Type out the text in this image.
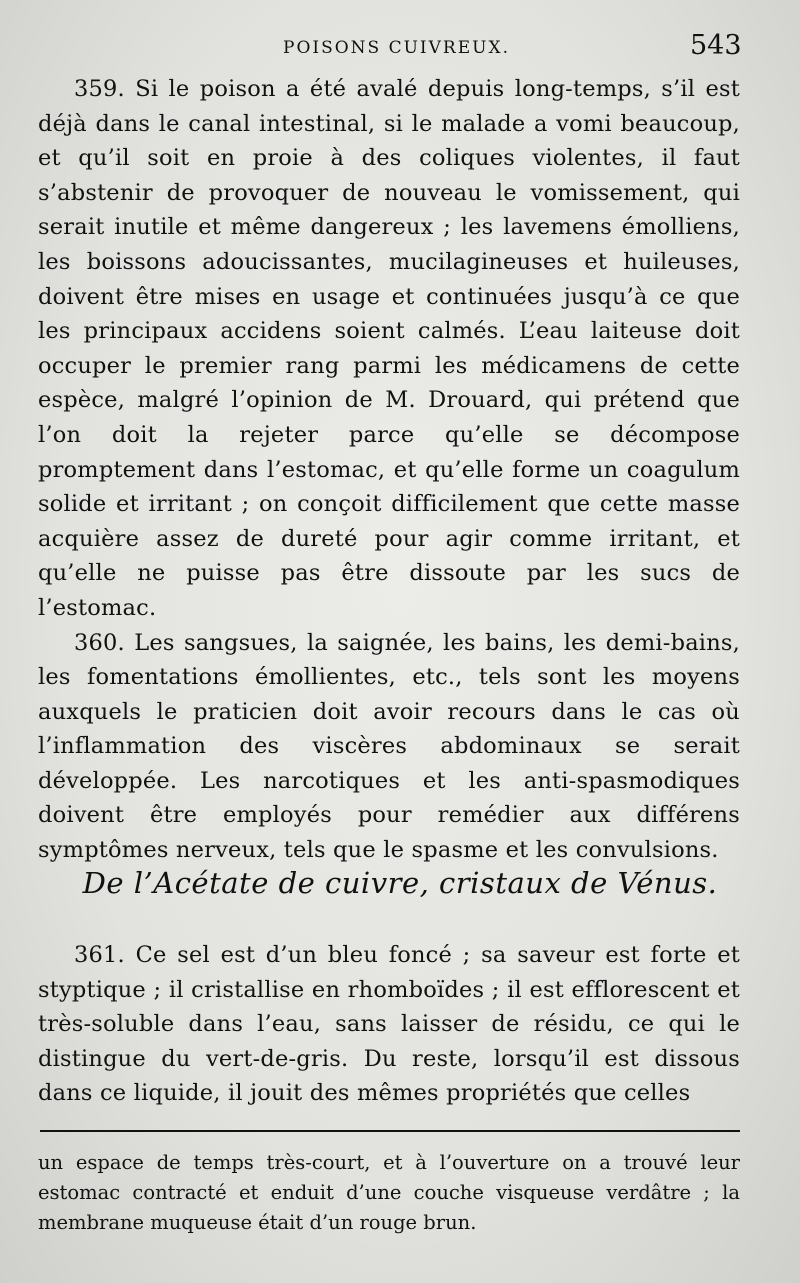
POISONS CUIVREUX.	543

359. Si le poison a été avalé depuis long-temps, s’il est déjà dans le canal intestinal, si le malade a vomi beaucoup, et qu’il soit en proie à des coliques violentes, il faut s’abstenir de provoquer de nouveau le vomissement, qui serait inutile et même dangereux ; les lavemens émolliens, les boissons adoucissantes, mucilagineuses et huileuses, doivent être mises en usage et continuées jusqu’à ce que les principaux accidens soient calmés. L’eau laiteuse doit occuper le premier rang parmi les médicamens de cette espèce, malgré l’opinion de M. Drouard, qui prétend que l’on doit la rejeter parce qu’elle se décompose promptement dans l’estomac, et qu’elle forme un coagulum solide et irritant ; on conçoit difficilement que cette masse acquière assez de dureté pour agir comme irritant, et qu’elle ne puisse pas être dissoute par les sucs de l’estomac.

360. Les sangsues, la saignée, les bains, les demi-bains, les fomentations émollientes, etc., tels sont les moyens auxquels le praticien doit avoir recours dans le cas où l’inflammation des viscères abdominaux se serait développée. Les narcotiques et les anti-spasmodiques doivent être employés pour remédier aux différens symptômes nerveux, tels que le spasme et les convulsions.

De l’Acétate de cuivre, cristaux de Vénus.

361. Ce sel est d’un bleu foncé ; sa saveur est forte et styptique ; il cristallise en rhomboïdes ; il est efflorescent et très-soluble dans l’eau, sans laisser de résidu, ce qui le distingue du vert-de-gris. Du reste, lorsqu’il est dissous dans ce liquide, il jouit des mêmes propriétés que celles

un espace de temps très-court, et à l’ouverture on a trouvé leur estomac contracté et enduit d’une couche visqueuse verdâtre ; la membrane muqueuse était d’un rouge brun.
